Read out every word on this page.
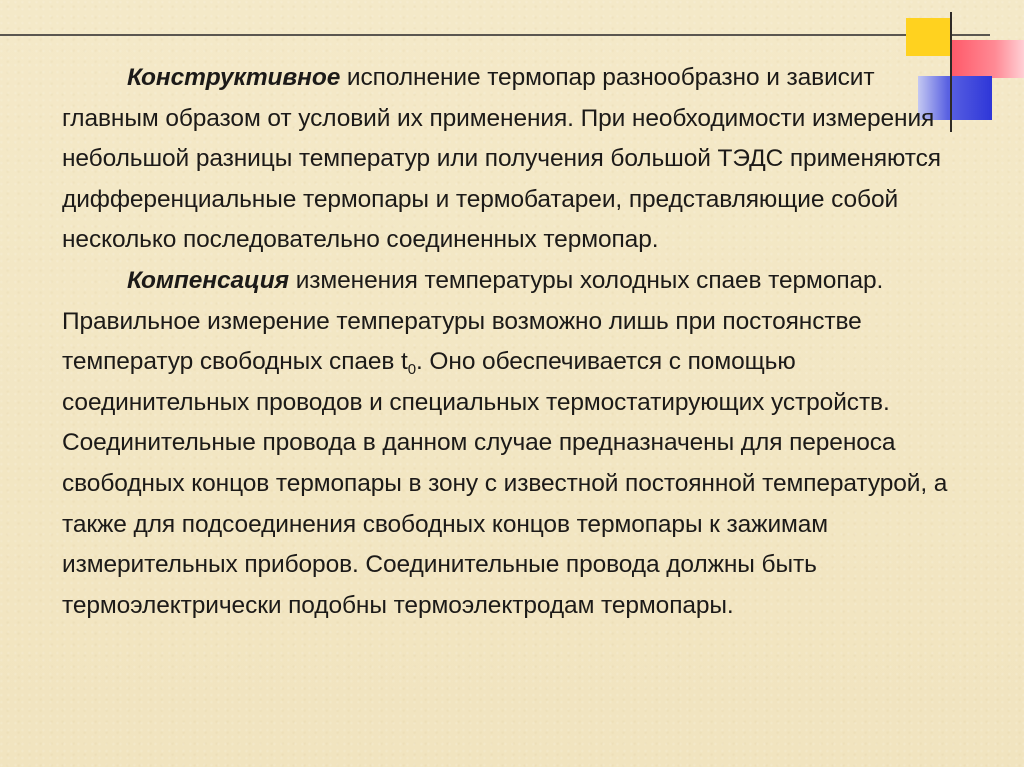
Конструктивное исполнение термопар разнообразно и зависит главным образом от условий их применения. При необходимости измерения небольшой разницы температур или получения большой ТЭДС применяются дифференциальные термопары и термобатареи, представляющие собой несколько последовательно соединенных термопар.

Компенсация изменения температуры холодных спаев термопар. Правильное измерение температуры возможно лишь при постоянстве температур свободных спаев $t_0$. Оно обеспечивается с помощью соединительных проводов и специальных термостатирующих устройств. Соединительные провода в данном случае предназначены для переноса свободных концов термопары в зону с известной постоянной температурой, а также для подсоединения свободных концов термопары к зажимам измерительных приборов. Соединительные провода должны быть термоэлектрически подобны термоэлектродам термопары.
